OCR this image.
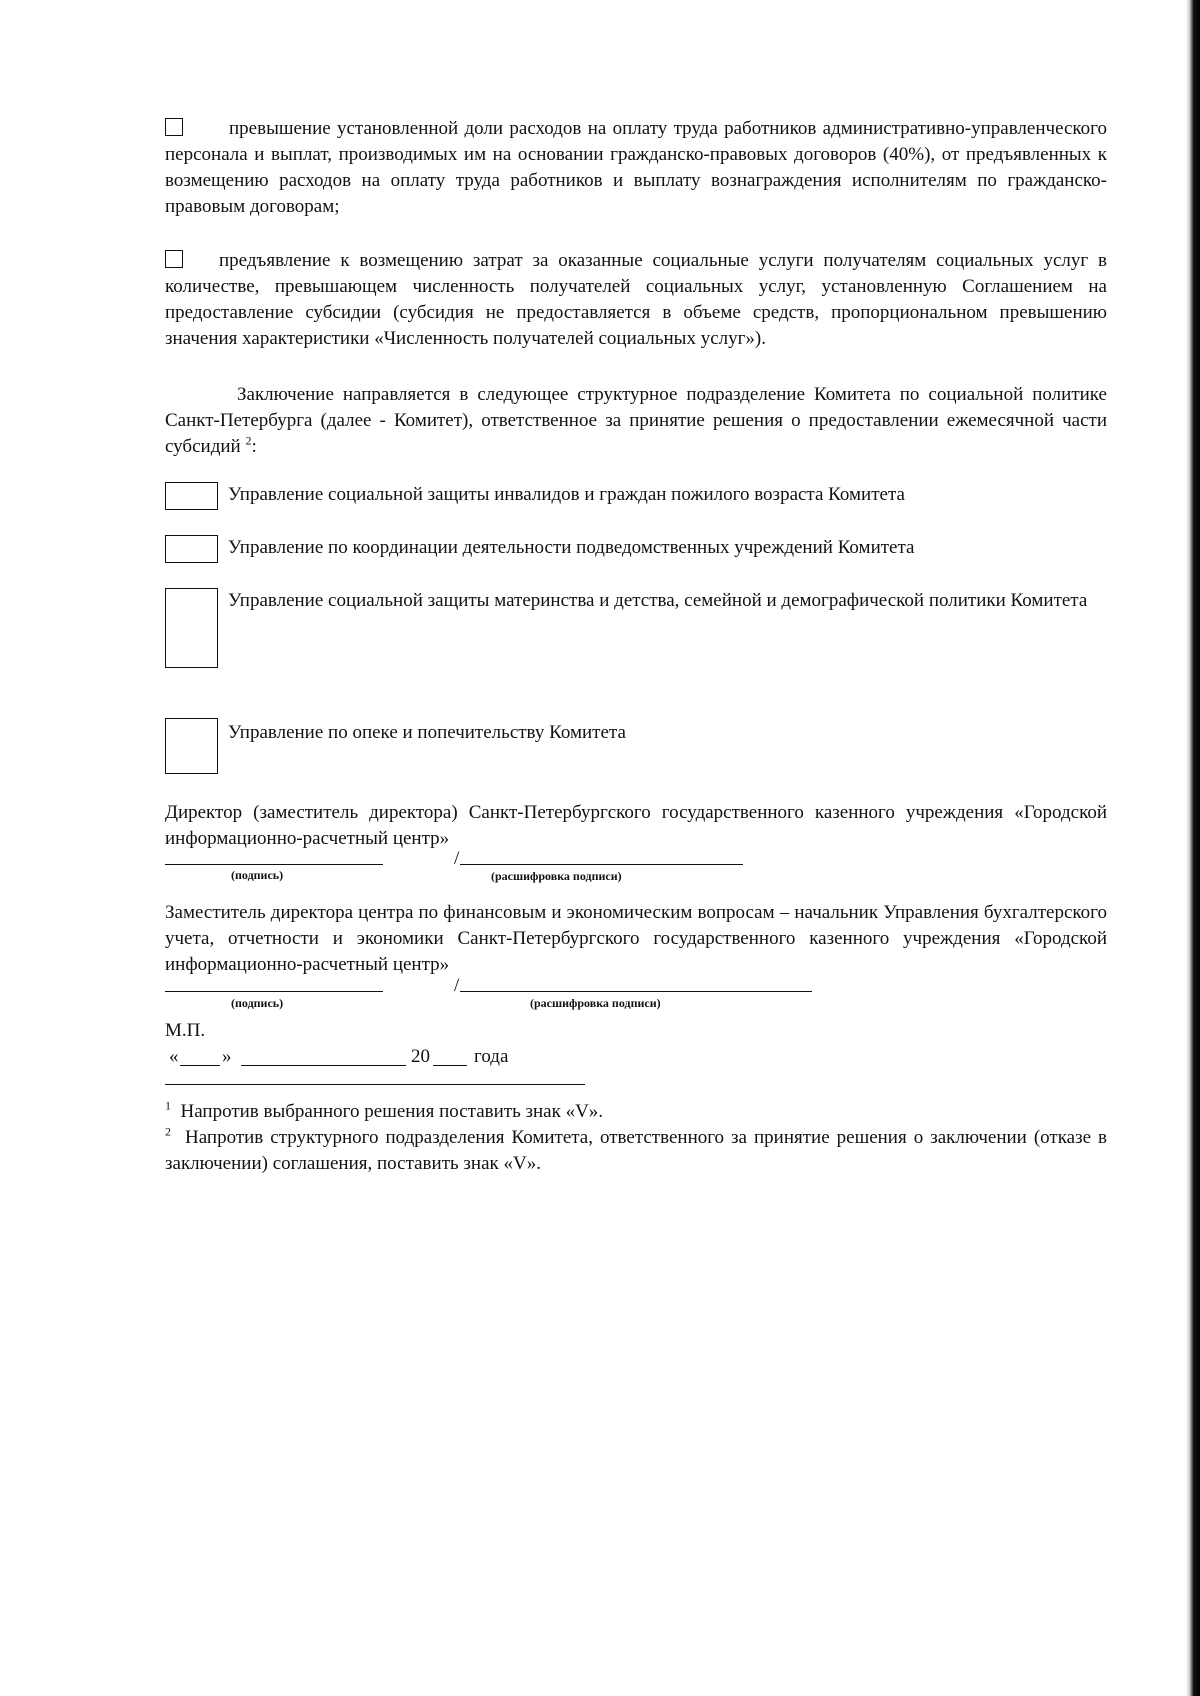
превышение установленной доли расходов на оплату труда работников административно-управленческого персонала и выплат, производимых им на основании гражданско-правовых договоров (40%), от предъявленных к возмещению расходов на оплату труда работников и выплату вознаграждения исполнителям по гражданско-правовым договорам;

предъявление к возмещению затрат за оказанные социальные услуги получателям социальных услуг в количестве, превышающем численность получателей социальных услуг, установленную Соглашением на предоставление субсидии (субсидия не предоставляется в объеме средств, пропорциональном превышению значения характеристики «Численность получателей социальных услуг»).

Заключение направляется в следующее структурное подразделение Комитета по социальной политике Санкт-Петербурга (далее - Комитет), ответственное за принятие решения о предоставлении ежемесячной части субсидий $^2$:

Управление социальной защиты инвалидов и граждан пожилого возраста Комитета
Управление по координации деятельности подведомственных учреждений Комитета
Управление социальной защиты материнства и детства, семейной и демографической политики Комитета
Управление по опеке и попечительству Комитета

Директор (заместитель директора) Санкт-Петербургского государственного казенного учреждения «Городской информационно-расчетный центр»

/
(подпись)	(расшифровка подписи)

Заместитель директора центра по финансовым и экономическим вопросам – начальник Управления бухгалтерского учета, отчетности и экономики Санкт-Петербургского государственного казенного учреждения «Городской информационно-расчетный центр»

/
(подпись)	(расшифровка подписи)
М.П.
« »	20 года

$^1$ Напротив выбранного решения поставить знак «V».

$^2$ Напротив структурного подразделения Комитета, ответственного за принятие решения о заключении (отказе в заключении) соглашения, поставить знак «V».
